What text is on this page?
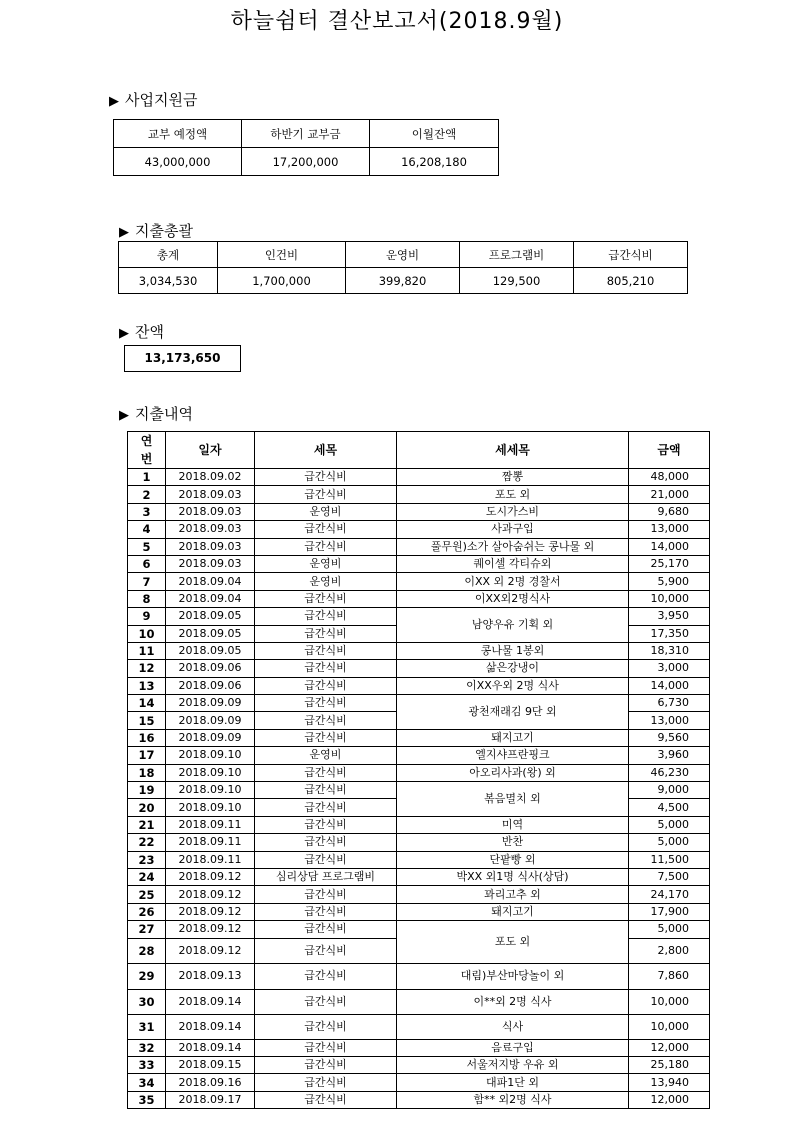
하늘쉼터 결산보고서(2018.9월)
▶ 사업지원금
교부 예정액	하반기 교부금	이월잔액
43,000,000	17,200,000	16,208,180
▶ 지출총괄
총계	인건비	운영비	프로그램비	급간식비
3,034,530	1,700,000	399,820	129,500	805,210
▶ 잔액
13,173,650
▶ 지출내역
연
번	일자	세목	세세목	금액
1	2018.09.02	급간식비	짬뽕	48,000
2	2018.09.03	급간식비	포도 외	21,000
3	2018.09.03	운영비	도시가스비	9,680
4	2018.09.03	급간식비	사과구입	13,000
5	2018.09.03	급간식비	풀무원)소가 살아숨쉬는 콩나물 외	14,000
6	2018.09.03	운영비	퀘이셀 각티슈외	25,170
7	2018.09.04	운영비	이XX 외 2명 경찰서	5,900
8	2018.09.04	급간식비	이XX외2명식사	10,000
9	2018.09.05	급간식비	남양우유 기획 외	3,950
10	2018.09.05	급간식비		17,350
11	2018.09.05	급간식비	콩나물 1봉외	18,310
12	2018.09.06	급간식비	삶은강냉이	3,000
13	2018.09.06	급간식비	이XX우외 2명 식사	14,000
14	2018.09.09	급간식비	광천재래김 9단 외	6,730
15	2018.09.09	급간식비		13,000
16	2018.09.09	급간식비	돼지고기	9,560
17	2018.09.10	운영비	엘지샤프란핑크	3,960
18	2018.09.10	급간식비	아오리사과(왕) 외	46,230
19	2018.09.10	급간식비	볶음멸치 외	9,000
20	2018.09.10	급간식비		4,500
21	2018.09.11	급간식비	미역	5,000
22	2018.09.11	급간식비	반찬	5,000
23	2018.09.11	급간식비	단팥빵 외	11,500
24	2018.09.12	심리상담 프로그램비	박XX 외1명 식사(상담)	7,500
25	2018.09.12	급간식비	꽈리고추 외	24,170
26	2018.09.12	급간식비	돼지고기	17,900
27	2018.09.12	급간식비	포도 외	5,000
28	2018.09.12	급간식비		2,800
29	2018.09.13	급간식비	대림)부산마당놀이 외	7,860
30	2018.09.14	급간식비	이**외 2명 식사	10,000
31	2018.09.14	급간식비	식사	10,000
32	2018.09.14	급간식비	음료구입	12,000
33	2018.09.15	급간식비	서울저지방 우유 외	25,180
34	2018.09.16	급간식비	대파1단 외	13,940
35	2018.09.17	급간식비	함** 외2명 식사	12,000
